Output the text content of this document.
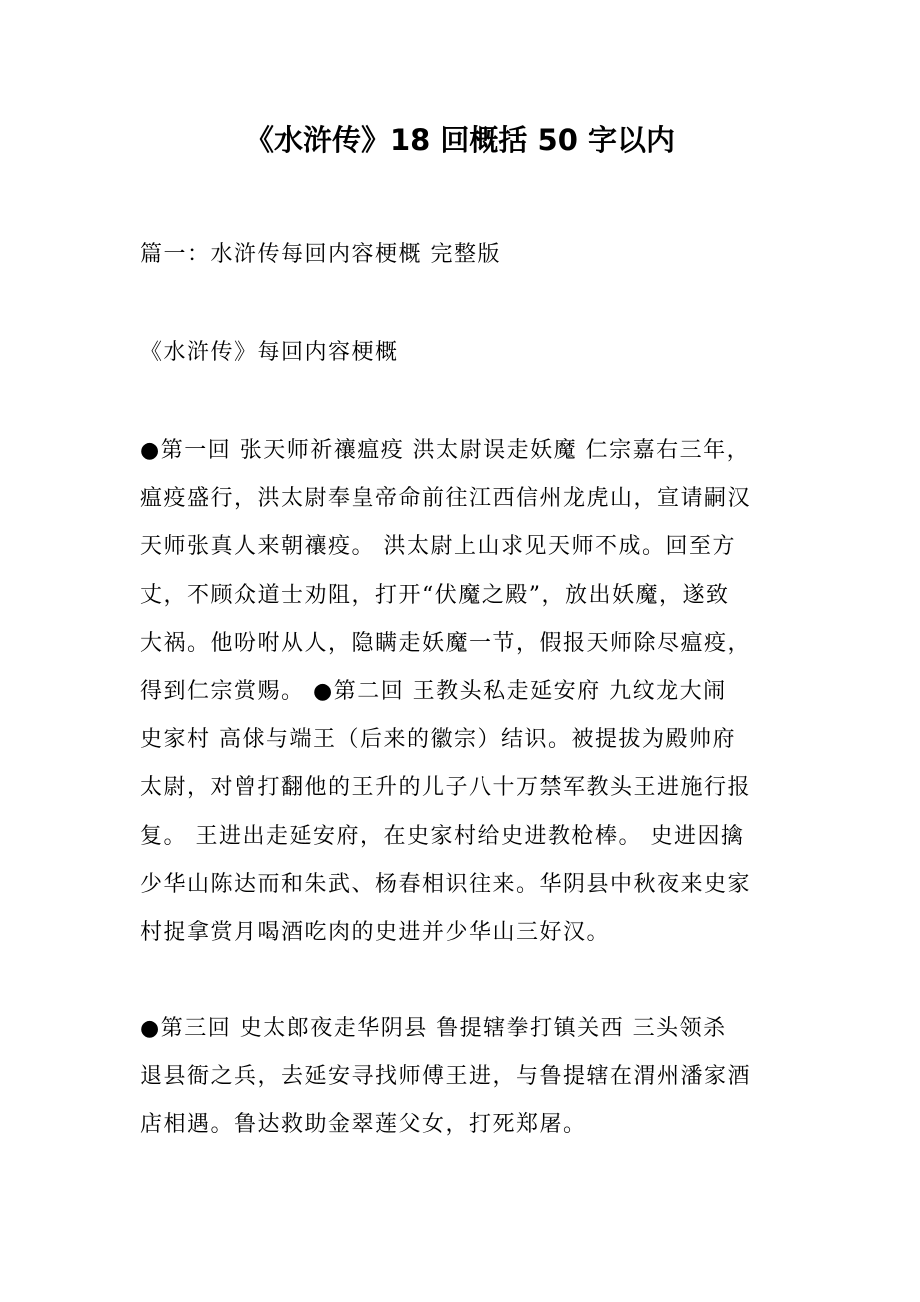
《水浒传》18 回概括 50 字以内
篇一：水浒传每回内容梗概 完整版
《水浒传》每回内容梗概
●第一回 张天师祈禳瘟疫 洪太尉误走妖魔 仁宗嘉右三年，
瘟疫盛行，洪太尉奉皇帝命前往江西信州龙虎山，宣请嗣汉
天师张真人来朝禳疫。 洪太尉上山求见天师不成。回至方
丈，不顾众道士劝阻，打开“伏魔之殿”，放出妖魔，遂致
大祸。他吩咐从人，隐瞒走妖魔一节，假报天师除尽瘟疫，
得到仁宗赏赐。 ●第二回 王教头私走延安府 九纹龙大闹
史家村 高俅与端王（后来的徽宗）结识。被提拔为殿帅府
太尉，对曾打翻他的王升的儿子八十万禁军教头王进施行报
复。 王进出走延安府，在史家村给史进教枪棒。 史进因擒
少华山陈达而和朱武、杨春相识往来。华阴县中秋夜来史家
村捉拿赏月喝酒吃肉的史进并少华山三好汉。
●第三回 史太郎夜走华阴县 鲁提辖拳打镇关西 三头领杀
退县衙之兵，去延安寻找师傅王进，与鲁提辖在渭州潘家酒
店相遇。鲁达救助金翠莲父女，打死郑屠。
